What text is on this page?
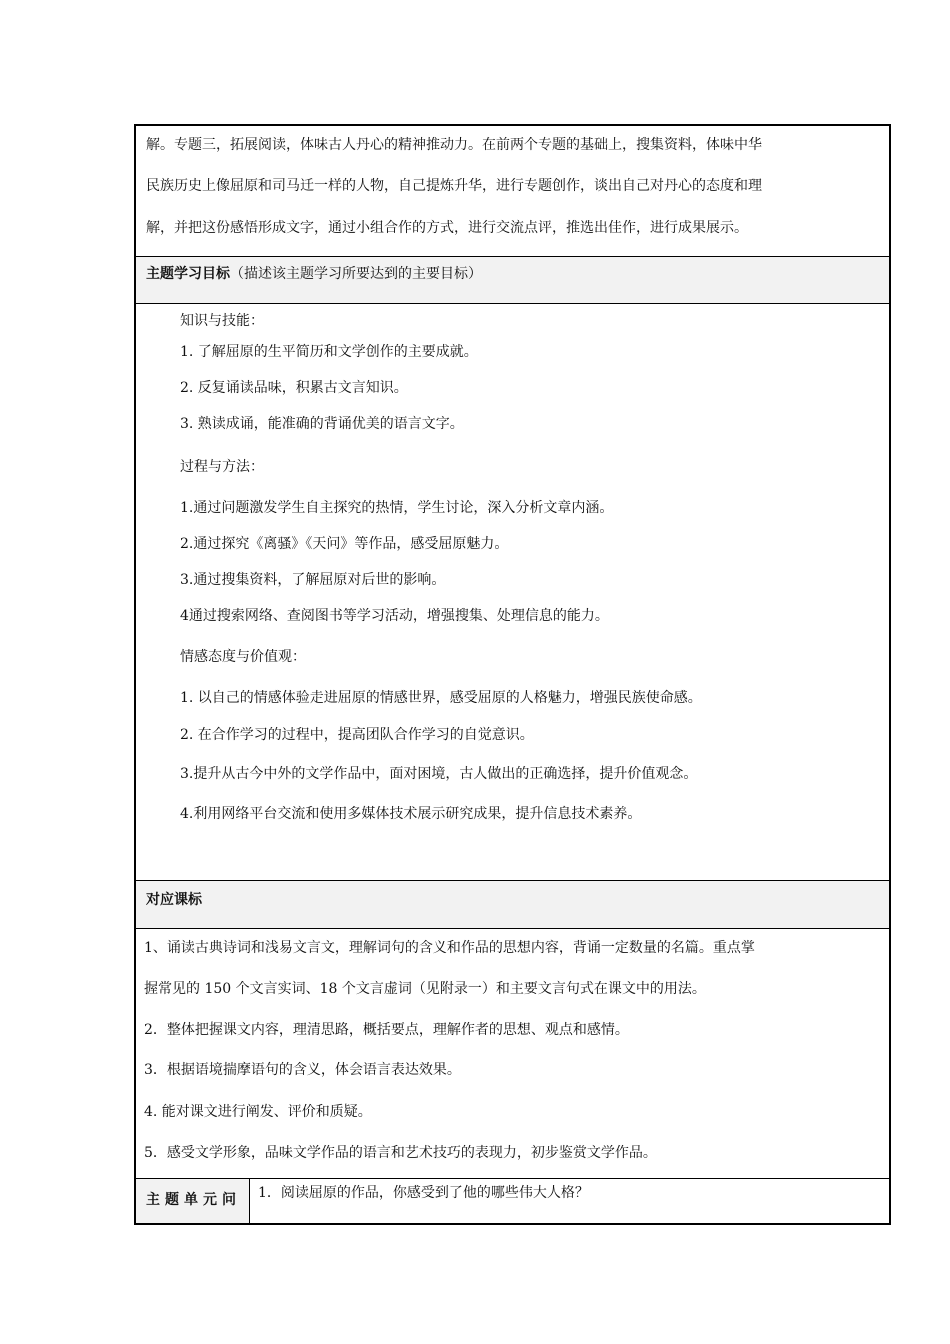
解。专题三，拓展阅读，体味古人丹心的精神推动力。在前两个专题的基础上，搜集资料，体味中华
民族历史上像屈原和司马迁一样的人物，自己提炼升华，进行专题创作，谈出自己对丹心的态度和理
解，并把这份感悟形成文字，通过小组合作的方式，进行交流点评，推选出佳作，进行成果展示。
主题学习目标（描述该主题学习所要达到的主要目标）
知识与技能：
1. 了解屈原的生平简历和文学创作的主要成就。
2. 反复诵读品味，积累古文言知识。
3. 熟读成诵，能准确的背诵优美的语言文字。
过程与方法：
1.通过问题激发学生自主探究的热情，学生讨论，深入分析文章内涵。
2.通过探究《离骚》《天问》等作品，感受屈原魅力。
3.通过搜集资料，了解屈原对后世的影响。
4通过搜索网络、查阅图书等学习活动，增强搜集、处理信息的能力。
情感态度与价值观：
1. 以自己的情感体验走进屈原的情感世界，感受屈原的人格魅力，增强民族使命感。
2. 在合作学习的过程中，提高团队合作学习的自觉意识。
3.提升从古今中外的文学作品中，面对困境，古人做出的正确选择，提升价值观念。
4.利用网络平台交流和使用多媒体技术展示研究成果，提升信息技术素养。
对应课标
1、诵读古典诗词和浅易文言文，理解词句的含义和作品的思想内容，背诵一定数量的名篇。重点掌
握常见的 150 个文言实词、18 个文言虚词（见附录一）和主要文言句式在课文中的用法。
2．整体把握课文内容，理清思路，概括要点，理解作者的思想、观点和感情。
3．根据语境揣摩语句的含义，体会语言表达效果。
4. 能对课文进行阐发、评价和质疑。
5．感受文学形象，品味文学作品的语言和艺术技巧的表现力，初步鉴赏文学作品。
主题单元问	1．阅读屈原的作品，你感受到了他的哪些伟大人格？
